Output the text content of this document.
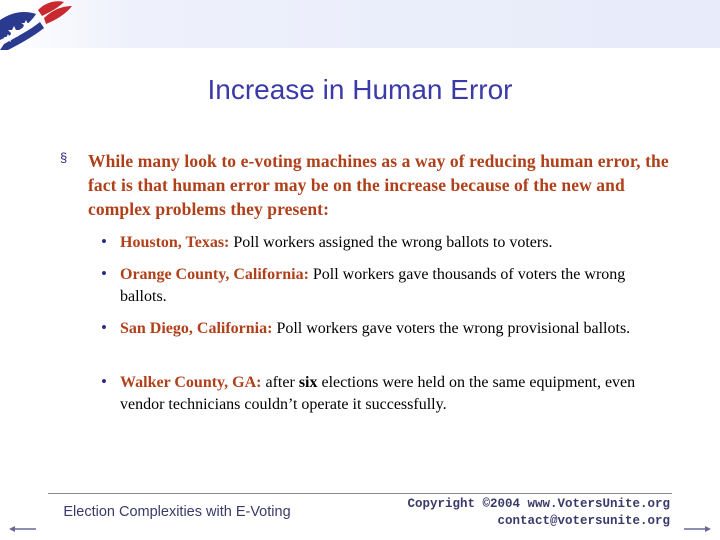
Increase in Human Error
§ While many look to e-voting machines as a way of reducing human error, the fact is that human error may be on the increase because of the new and complex problems they present:
• Houston, Texas: Poll workers assigned the wrong ballots to voters.
• Orange County, California: Poll workers gave thousands of voters the wrong ballots.
• San Diego, California: Poll workers gave voters the wrong provisional ballots.
• Walker County, GA: after six elections were held on the same equipment, even vendor technicians couldn’t operate it successfully.
Election Complexities with E-Voting	Copyright ©2004 www.VotersUnite.org
contact@votersunite.org
